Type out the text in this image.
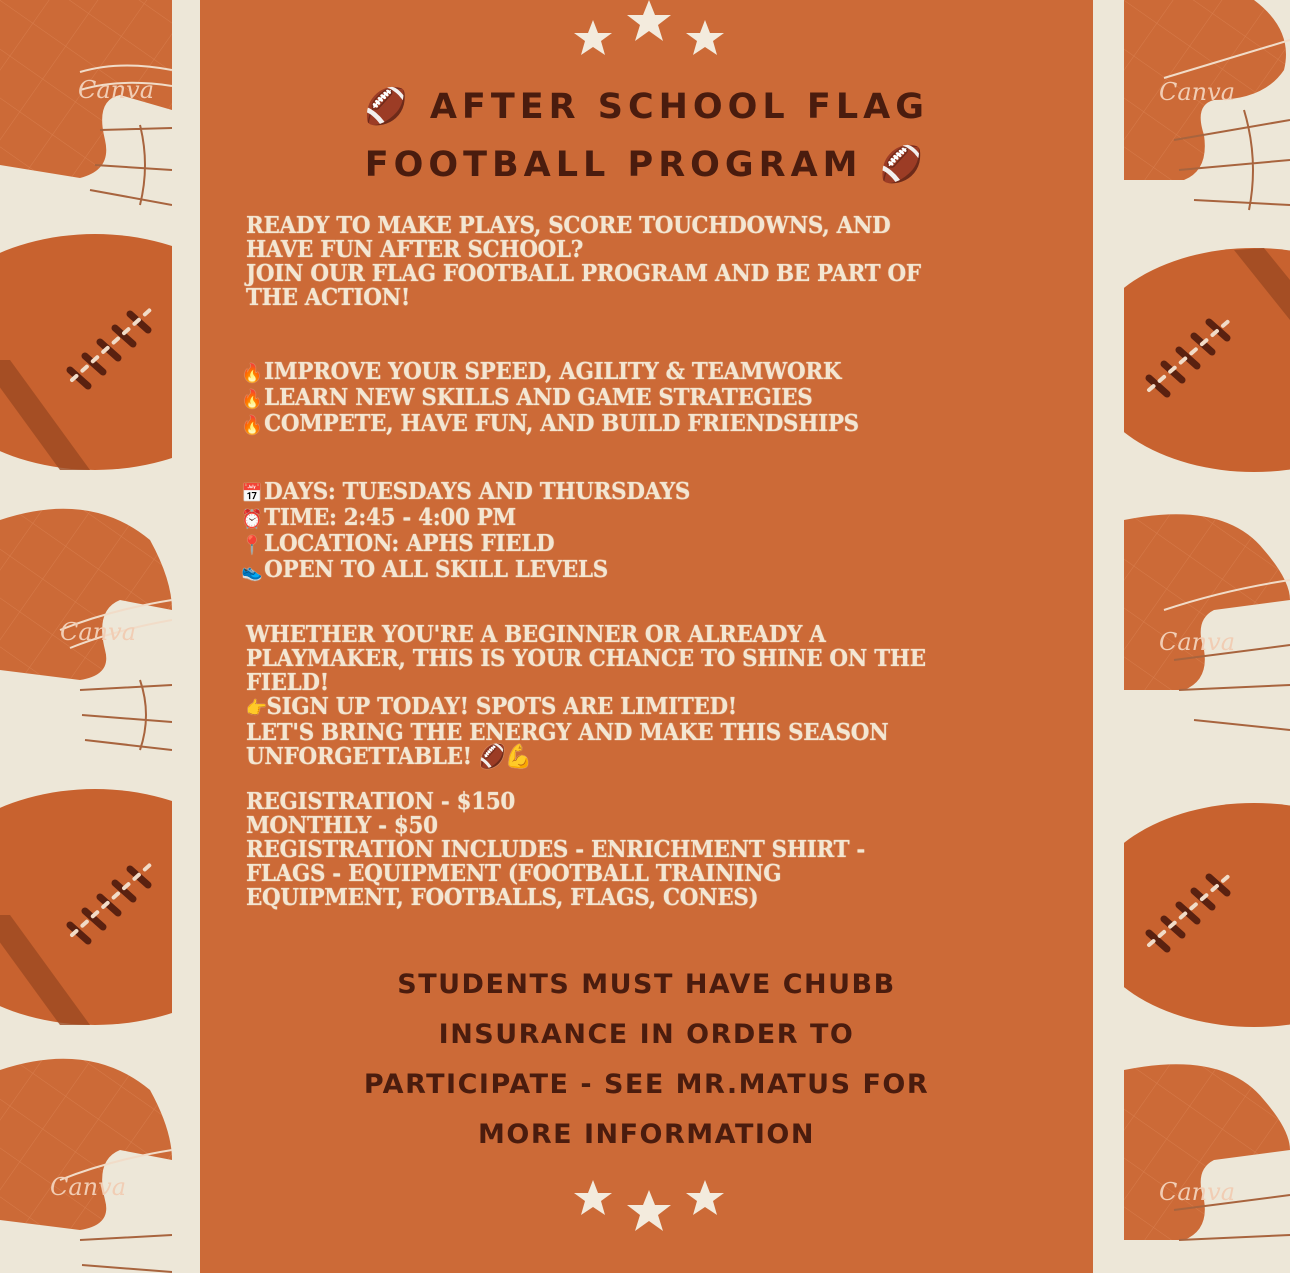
Canva
Canva
Canva
Canva
Canva
Canva
🏈 AFTER SCHOOL FLAG
FOOTBALL PROGRAM 🏈
READY TO MAKE PLAYS, SCORE TOUCHDOWNS, AND
HAVE FUN AFTER SCHOOL?
JOIN OUR FLAG FOOTBALL PROGRAM AND BE PART OF
THE ACTION!
🔥IMPROVE YOUR SPEED, AGILITY & TEAMWORK
🔥LEARN NEW SKILLS AND GAME STRATEGIES
🔥COMPETE, HAVE FUN, AND BUILD FRIENDSHIPS
📅DAYS: TUESDAYS AND THURSDAYS
⏰TIME: 2:45 - 4:00 PM
📍LOCATION: APHS FIELD
👟OPEN TO ALL SKILL LEVELS
WHETHER YOU'RE A BEGINNER OR ALREADY A
PLAYMAKER, THIS IS YOUR CHANCE TO SHINE ON THE
FIELD!
👉SIGN UP TODAY! SPOTS ARE LIMITED!
LET'S BRING THE ENERGY AND MAKE THIS SEASON
UNFORGETTABLE! 🏈💪
REGISTRATION - $150
MONTHLY - $50
REGISTRATION INCLUDES - ENRICHMENT SHIRT -
FLAGS - EQUIPMENT (FOOTBALL TRAINING
EQUIPMENT, FOOTBALLS, FLAGS, CONES)
STUDENTS MUST HAVE CHUBB
INSURANCE IN ORDER TO
PARTICIPATE - SEE MR.MATUS FOR
MORE INFORMATION
